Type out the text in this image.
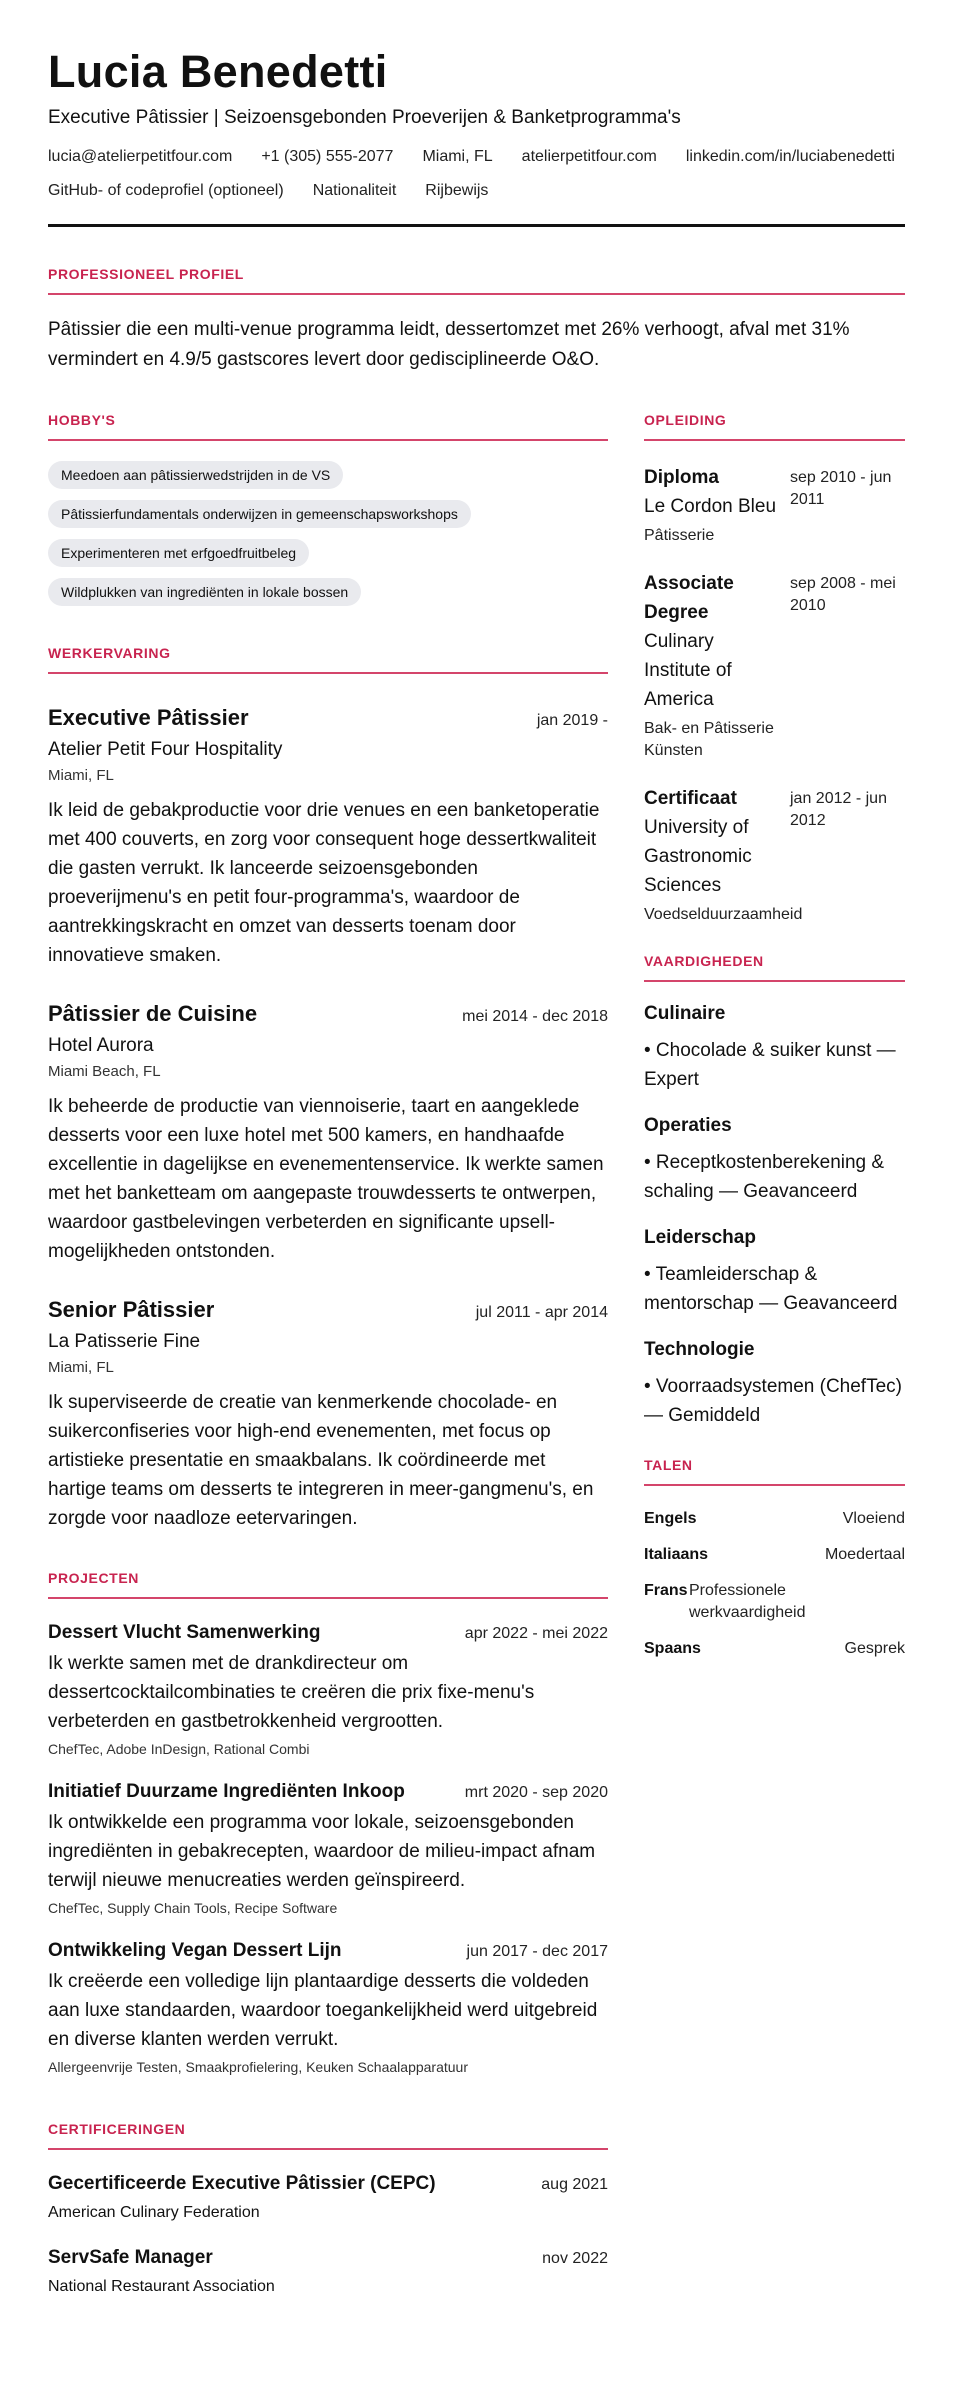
Lucia Benedetti
Executive Pâtissier | Seizoensgebonden Proeverijen & Banketprogramma's
lucia@atelierpetitfour.com +1 (305) 555-2077 Miami, FL atelierpetitfour.com linkedin.com/in/luciabenedetti
GitHub- of codeprofiel (optioneel) Nationaliteit Rijbewijs
PROFESSIONEEL PROFIEL

Pâtissier die een multi-venue programma leidt, dessertomzet met 26% verhoogt, afval met 31% vermindert en 4.9/5 gastscores levert door gedisciplineerde O&O.

HOBBY'S
Meedoen aan pâtissierwedstrijden in de VS
Pâtissierfundamentals onderwijzen in gemeenschapsworkshops
Experimenteren met erfgoedfruitbeleg
Wildplukken van ingrediënten in lokale bossen
WERKERVARING
Executive Pâtissier	jan 2019 -
Atelier Petit Four Hospitality
Miami, FL

Ik leid de gebakproductie voor drie venues en een banketoperatie met 400 couverts, en zorg voor consequent hoge dessertkwaliteit die gasten verrukt. Ik lanceerde seizoensgebonden proeverijmenu's en petit four-programma's, waardoor de aantrekkingskracht en omzet van desserts toenam door innovatieve smaken.

Pâtissier de Cuisine	mei 2014 - dec 2018
Hotel Aurora
Miami Beach, FL

Ik beheerde de productie van viennoiserie, taart en aangeklede desserts voor een luxe hotel met 500 kamers, en handhaafde excellentie in dagelijkse en evenementenservice. Ik werkte samen met het banketteam om aangepaste trouwdesserts te ontwerpen, waardoor gastbelevingen verbeterden en significante upsell-mogelijkheden ontstonden.

Senior Pâtissier	jul 2011 - apr 2014
La Patisserie Fine
Miami, FL

Ik superviseerde de creatie van kenmerkende chocolade- en suikerconfiseries voor high-end evenementen, met focus op artistieke presentatie en smaakbalans. Ik coördineerde met hartige teams om desserts te integreren in meer-gangmenu's, en zorgde voor naadloze eetervaringen.

PROJECTEN
Dessert Vlucht Samenwerking	apr 2022 - mei 2022

Ik werkte samen met de drankdirecteur om dessertcocktailcombinaties te creëren die prix fixe-menu's verbeterden en gastbetrokkenheid vergrootten.

ChefTec, Adobe InDesign, Rational Combi
Initiatief Duurzame Ingrediënten Inkoop	mrt 2020 - sep 2020

Ik ontwikkelde een programma voor lokale, seizoensgebonden ingrediënten in gebakrecepten, waardoor de milieu-impact afnam terwijl nieuwe menucreaties werden geïnspireerd.

ChefTec, Supply Chain Tools, Recipe Software
Ontwikkeling Vegan Dessert Lijn	jun 2017 - dec 2017

Ik creëerde een volledige lijn plantaardige desserts die voldeden aan luxe standaarden, waardoor toegankelijkheid werd uitgebreid en diverse klanten werden verrukt.

Allergeenvrije Testen, Smaakprofielering, Keuken Schaalapparatuur
CERTIFICERINGEN
Gecertificeerde Executive Pâtissier (CEPC)	aug 2021
American Culinary Federation
ServSafe Manager	nov 2022
National Restaurant Association
OPLEIDING
Diploma
Le Cordon Bleu
Pâtisserie
sep 2010 - jun 2011
Associate Degree
Culinary Institute of America
Bak- en Pâtisserie Künsten
sep 2008 - mei 2010
Certificaat
University of Gastronomic Sciences
Voedselduurzaamheid
jan 2012 - jun 2012
VAARDIGHEDEN
Culinaire
• Chocolade & suiker kunst — Expert
Operaties
• Receptkostenberekening & schaling — Geavanceerd
Leiderschap
• Teamleiderschap & mentorschap — Geavanceerd
Technologie
• Voorraadsystemen (ChefTec) — Gemiddeld
TALEN
Engels	Vloeiend
Italiaans	Moedertaal
Frans Professionele werkvaardigheid
Spaans	Gesprek
